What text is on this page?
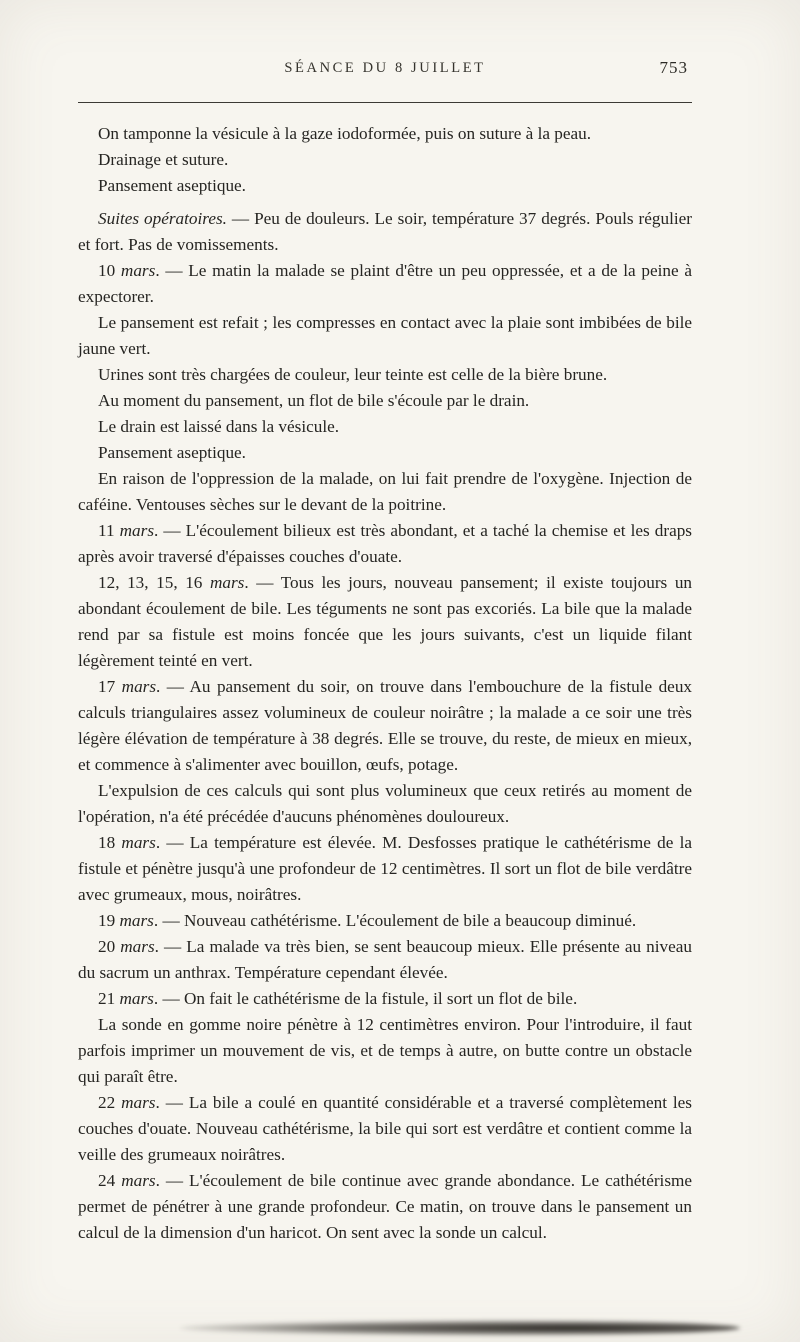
SÉANCE DU 8 JUILLET	753

On tamponne la vésicule à la gaze iodoformée, puis on suture à la peau.

Drainage et suture.

Pansement aseptique.

Suites opératoires. — Peu de douleurs. Le soir, température 37 degrés. Pouls régulier et fort. Pas de vomissements.

10 mars. — Le matin la malade se plaint d'être un peu oppressée, et a de la peine à expectorer.

Le pansement est refait ; les compresses en contact avec la plaie sont imbibées de bile jaune vert.

Urines sont très chargées de couleur, leur teinte est celle de la bière brune.

Au moment du pansement, un flot de bile s'écoule par le drain.

Le drain est laissé dans la vésicule.

Pansement aseptique.

En raison de l'oppression de la malade, on lui fait prendre de l'oxygène. Injection de caféine. Ventouses sèches sur le devant de la poitrine.

11 mars. — L'écoulement bilieux est très abondant, et a taché la chemise et les draps après avoir traversé d'épaisses couches d'ouate.

12, 13, 15, 16 mars. — Tous les jours, nouveau pansement; il existe toujours un abondant écoulement de bile. Les téguments ne sont pas excoriés. La bile que la malade rend par sa fistule est moins foncée que les jours suivants, c'est un liquide filant légèrement teinté en vert.

17 mars. — Au pansement du soir, on trouve dans l'embouchure de la fistule deux calculs triangulaires assez volumineux de couleur noirâtre ; la malade a ce soir une très légère élévation de température à 38 degrés. Elle se trouve, du reste, de mieux en mieux, et commence à s'alimenter avec bouillon, œufs, potage.

L'expulsion de ces calculs qui sont plus volumineux que ceux retirés au moment de l'opération, n'a été précédée d'aucuns phénomènes douloureux.

18 mars. — La température est élevée. M. Desfosses pratique le cathétérisme de la fistule et pénètre jusqu'à une profondeur de 12 centimètres. Il sort un flot de bile verdâtre avec grumeaux, mous, noirâtres.

19 mars. — Nouveau cathétérisme. L'écoulement de bile a beaucoup diminué.

20 mars. — La malade va très bien, se sent beaucoup mieux. Elle présente au niveau du sacrum un anthrax. Température cependant élevée.

21 mars. — On fait le cathétérisme de la fistule, il sort un flot de bile.

La sonde en gomme noire pénètre à 12 centimètres environ. Pour l'introduire, il faut parfois imprimer un mouvement de vis, et de temps à autre, on butte contre un obstacle qui paraît être.

22 mars. — La bile a coulé en quantité considérable et a traversé complètement les couches d'ouate. Nouveau cathétérisme, la bile qui sort est verdâtre et contient comme la veille des grumeaux noirâtres.

24 mars. — L'écoulement de bile continue avec grande abondance. Le cathétérisme permet de pénétrer à une grande profondeur. Ce matin, on trouve dans le pansement un calcul de la dimension d'un haricot. On sent avec la sonde un calcul.
